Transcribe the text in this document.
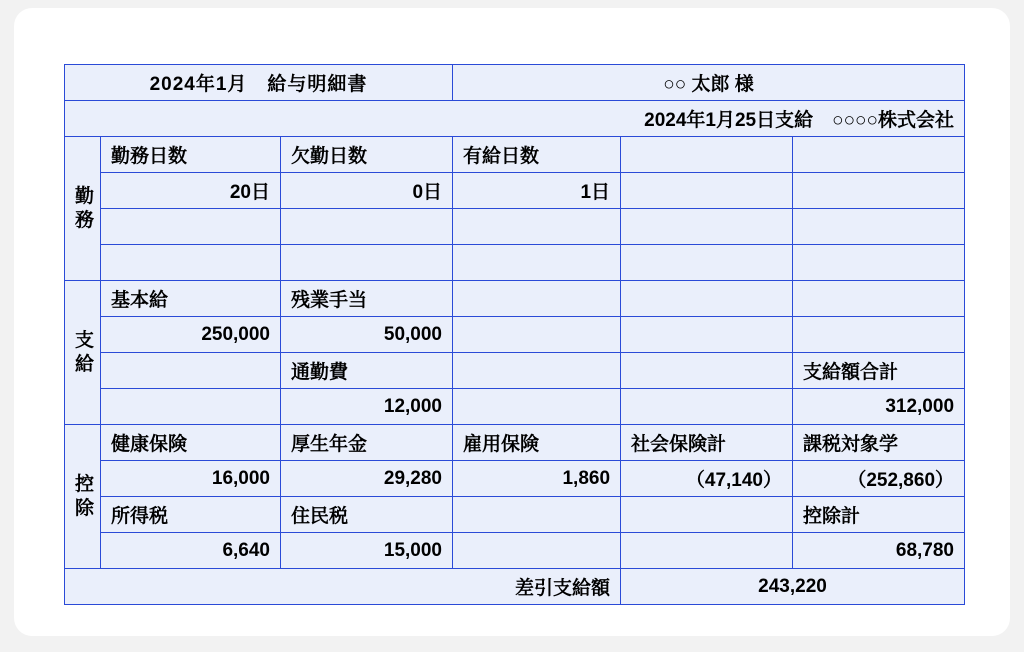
2024年1月　給与明細書			○○ 太郎 様		
2024年1月25日支給　○○○○株式会社					

勤
務	勤務日数	欠勤日数	有給日数		
	20日	0日	1日		

支
給	基本給	残業手当			
	250,000	50,000			
		通勤費			支給額合計
		12,000			312,000

控
除	健康保険	厚生年金	雇用保険	社会保険計	課税対象学
	16,000	29,280	1,860	（47,140）	（252,860）
	所得税	住民税			控除計
	6,640	15,000			68,780
差引支給額				243,220	
